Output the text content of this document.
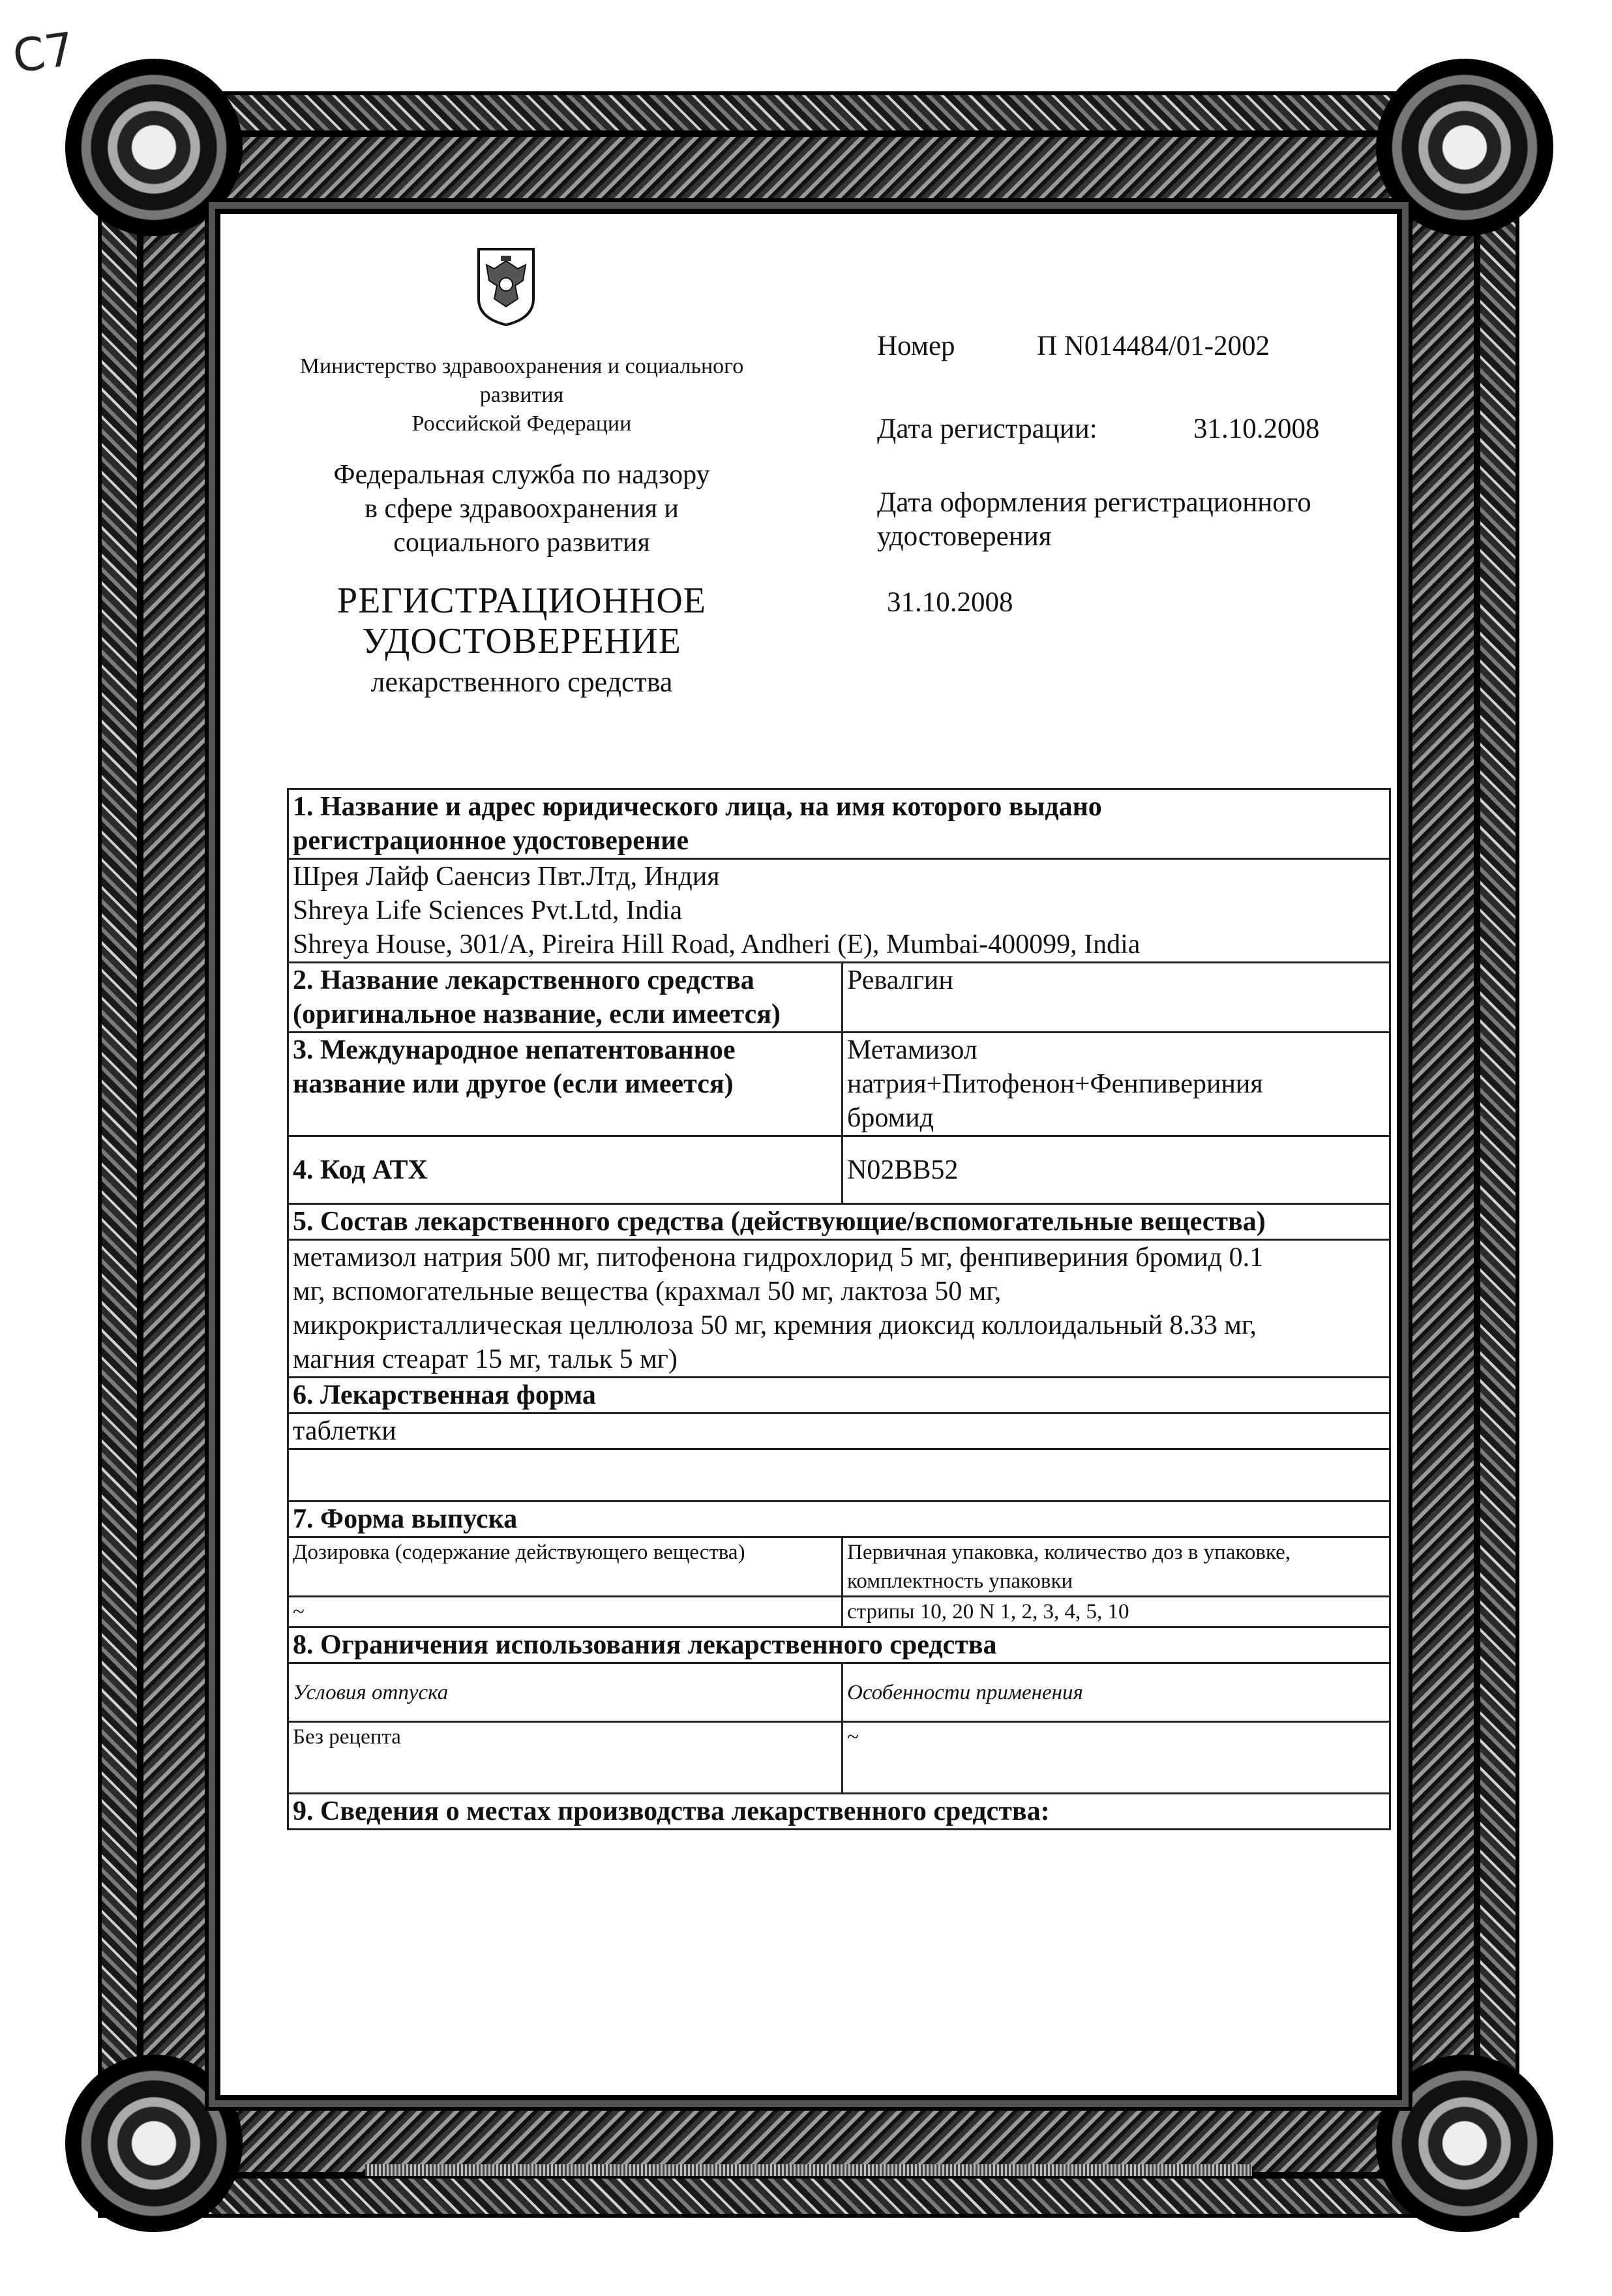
C7
Министерство здравоохранения и социального
развития
Российской Федерации
Федеральная служба по надзору
в сфере здравоохранения и
социального развития
РЕГИСТРАЦИОННОЕ
УДОСТОВЕРЕНИЕ
лекарственного средства
Номер	П N014484/01-2002
Дата регистрации:	31.10.2008
Дата оформления регистрационного
удостоверения
31.10.2008
1. Название и адрес юридического лица, на имя которого выдано
регистрационное удостоверение	

Шрея Лайф Саенсиз Пвт.Лтд, Индия
Shreya Life Sciences Pvt.Ltd, India
Shreya House, 301/A, Pireira Hill Road, Andheri (E), Mumbai-400099, India	

2. Название лекарственного средства
(оригинальное название, если имеется)	Ревалгин

3. Международное непатентованное
название или другое (если имеется)	Метамизол
натрия+Питофенон+Фенпивериния
бромид

4. Код АТХ	N02BB52
5. Состав лекарственного средства (действующие/вспомогательные вещества)	

метамизол натрия 500 мг, питофенона гидрохлорид 5 мг, фенпивериния бромид 0.1
мг, вспомогательные вещества (крахмал 50 мг, лактоза 50 мг,
микрокристаллическая целлюлоза 50 мг, кремния диоксид коллоидальный 8.33 мг,
магния стеарат 15 мг, тальк 5 мг)	

6. Лекарственная форма	
таблетки	

7. Форма выпуска	
Дозировка (содержание действующего вещества)	Первичная упаковка, количество доз в упаковке,
комплектность упаковки

~	стрипы 10, 20 N 1, 2, 3, 4, 5, 10
8. Ограничения использования лекарственного средства	
Условия отпуска	Особенности применения
Без рецепта	~
9. Сведения о местах производства лекарственного средства:	
